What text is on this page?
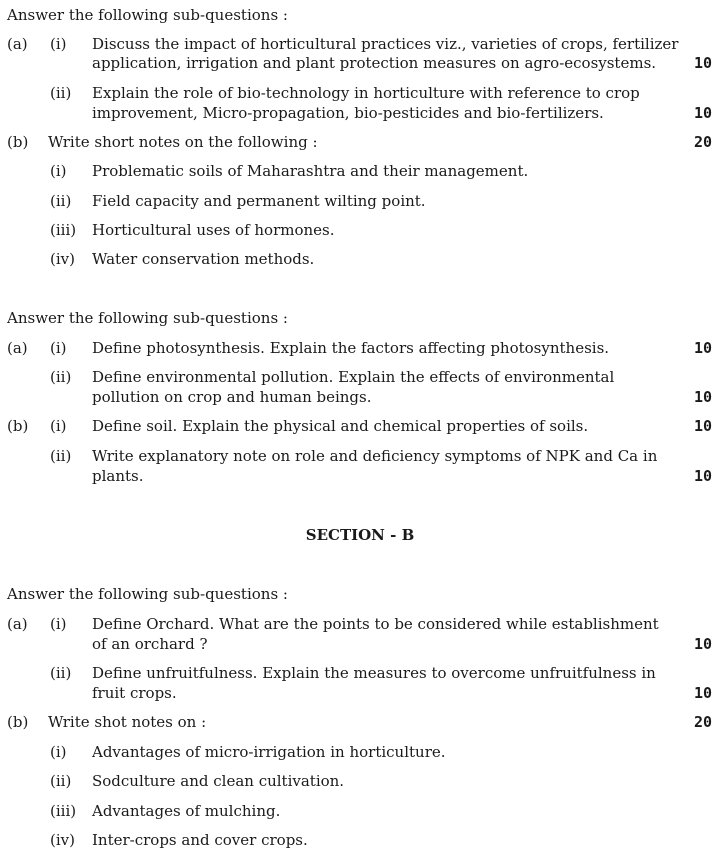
Answer the following sub-questions :
(a) (i) Discuss the impact of horticultural practices viz., varieties of crops, fertilizer
application, irrigation and plant protection measures on agro-ecosystems.	10
(ii) Explain the role of bio-technology in horticulture with reference to crop
improvement, Micro-propagation, bio-pesticides and bio-fertilizers.	10
(b) Write short notes on the following :	20
(i) Problematic soils of Maharashtra and their management.
(ii) Field capacity and permanent wilting point.
(iii) Horticultural uses of hormones.
(iv) Water conservation methods.
Answer the following sub-questions :
(a) (i) Define photosynthesis. Explain the factors affecting photosynthesis.	10
(ii) Define environmental pollution. Explain the effects of environmental
pollution on crop and human beings.	10
(b) (i) Define soil. Explain the physical and chemical properties of soils.	10
(ii) Write explanatory note on role and deficiency symptoms of NPK and Ca in
plants.	10
SECTION - B
Answer the following sub-questions :
(a) (i) Define Orchard. What are the points to be considered while establishment
of an orchard ?	10
(ii) Define unfruitfulness. Explain the measures to overcome unfruitfulness in
fruit crops.	10
(b) Write shot notes on :	20
(i) Advantages of micro-irrigation in horticulture.
(ii) Sodculture and clean cultivation.
(iii) Advantages of mulching.
(iv) Inter-crops and cover crops.
